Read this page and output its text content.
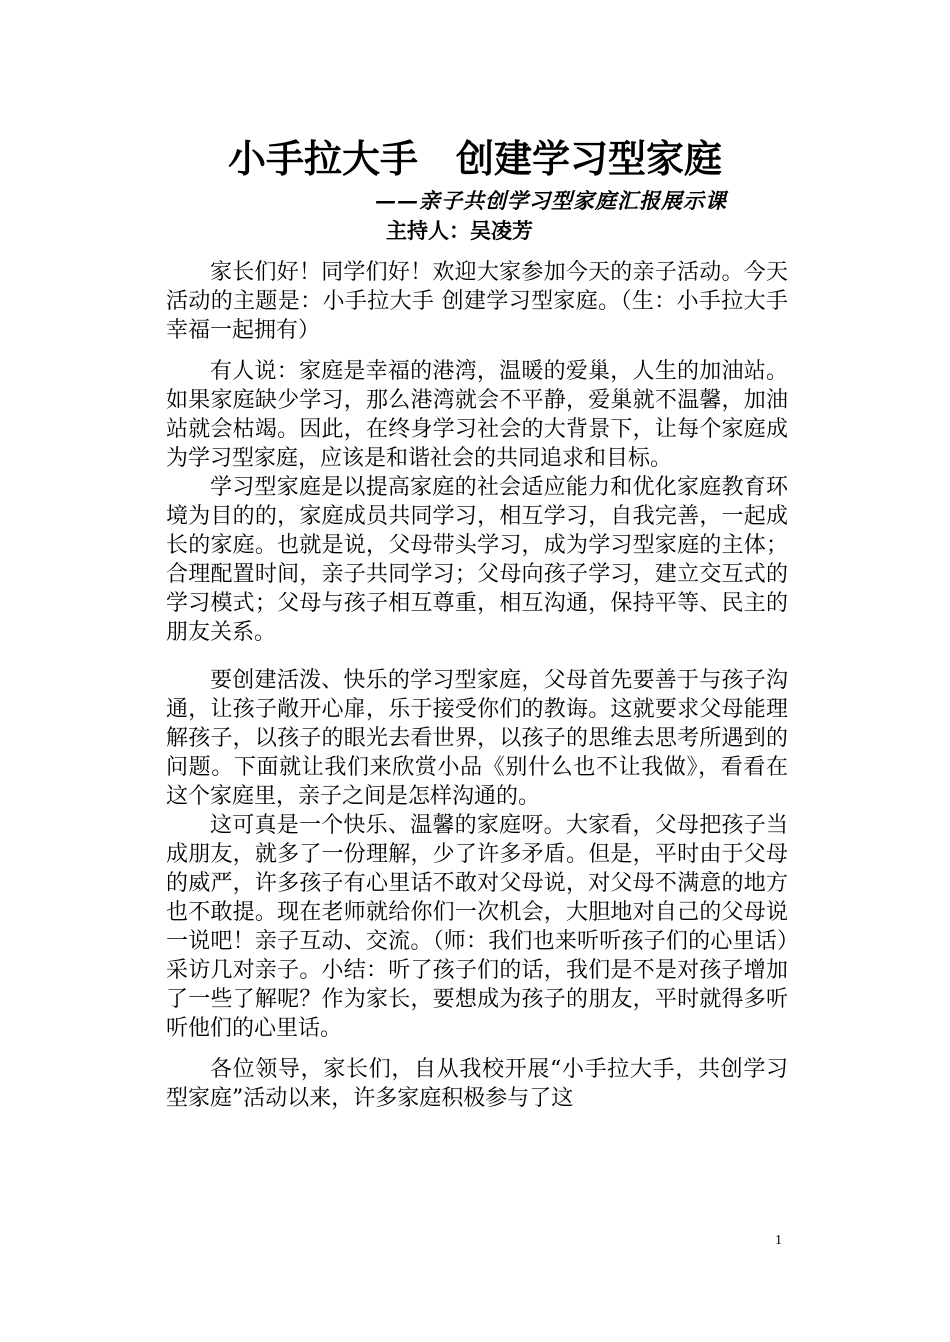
小手拉大手　创建学习型家庭
——亲子共创学习型家庭汇报展示课
主持人：吴凌芳

家长们好！同学们好！欢迎大家参加今天的亲子活动。今天活动的主题是：小手拉大手 创建学习型家庭。（生：小手拉大手　幸福一起拥有）

有人说：家庭是幸福的港湾，温暖的爱巢，人生的加油站。如果家庭缺少学习，那么港湾就会不平静，爱巢就不温馨，加油站就会枯竭。因此，在终身学习社会的大背景下，让每个家庭成为学习型家庭，应该是和谐社会的共同追求和目标。

学习型家庭是以提高家庭的社会适应能力和优化家庭教育环境为目的的，家庭成员共同学习，相互学习，自我完善，一起成长的家庭。也就是说，父母带头学习，成为学习型家庭的主体；合理配置时间，亲子共同学习；父母向孩子学习，建立交互式的学习模式；父母与孩子相互尊重，相互沟通，保持平等、民主的朋友关系。

要创建活泼、快乐的学习型家庭，父母首先要善于与孩子沟通，让孩子敞开心扉，乐于接受你们的教诲。这就要求父母能理解孩子，以孩子的眼光去看世界，以孩子的思维去思考所遇到的问题。下面就让我们来欣赏小品《别什么也不让我做》，看看在这个家庭里，亲子之间是怎样沟通的。

这可真是一个快乐、温馨的家庭呀。大家看，父母把孩子当成朋友，就多了一份理解，少了许多矛盾。但是，平时由于父母的威严，许多孩子有心里话不敢对父母说，对父母不满意的地方也不敢提。现在老师就给你们一次机会，大胆地对自己的父母说一说吧！亲子互动、交流。（师：我们也来听听孩子们的心里话）采访几对亲子。小结：听了孩子们的话，我们是不是对孩子增加了一些了解呢？作为家长，要想成为孩子的朋友，平时就得多听听他们的心里话。

各位领导，家长们，自从我校开展“小手拉大手，共创学习型家庭”活动以来，许多家庭积极参与了这

1
